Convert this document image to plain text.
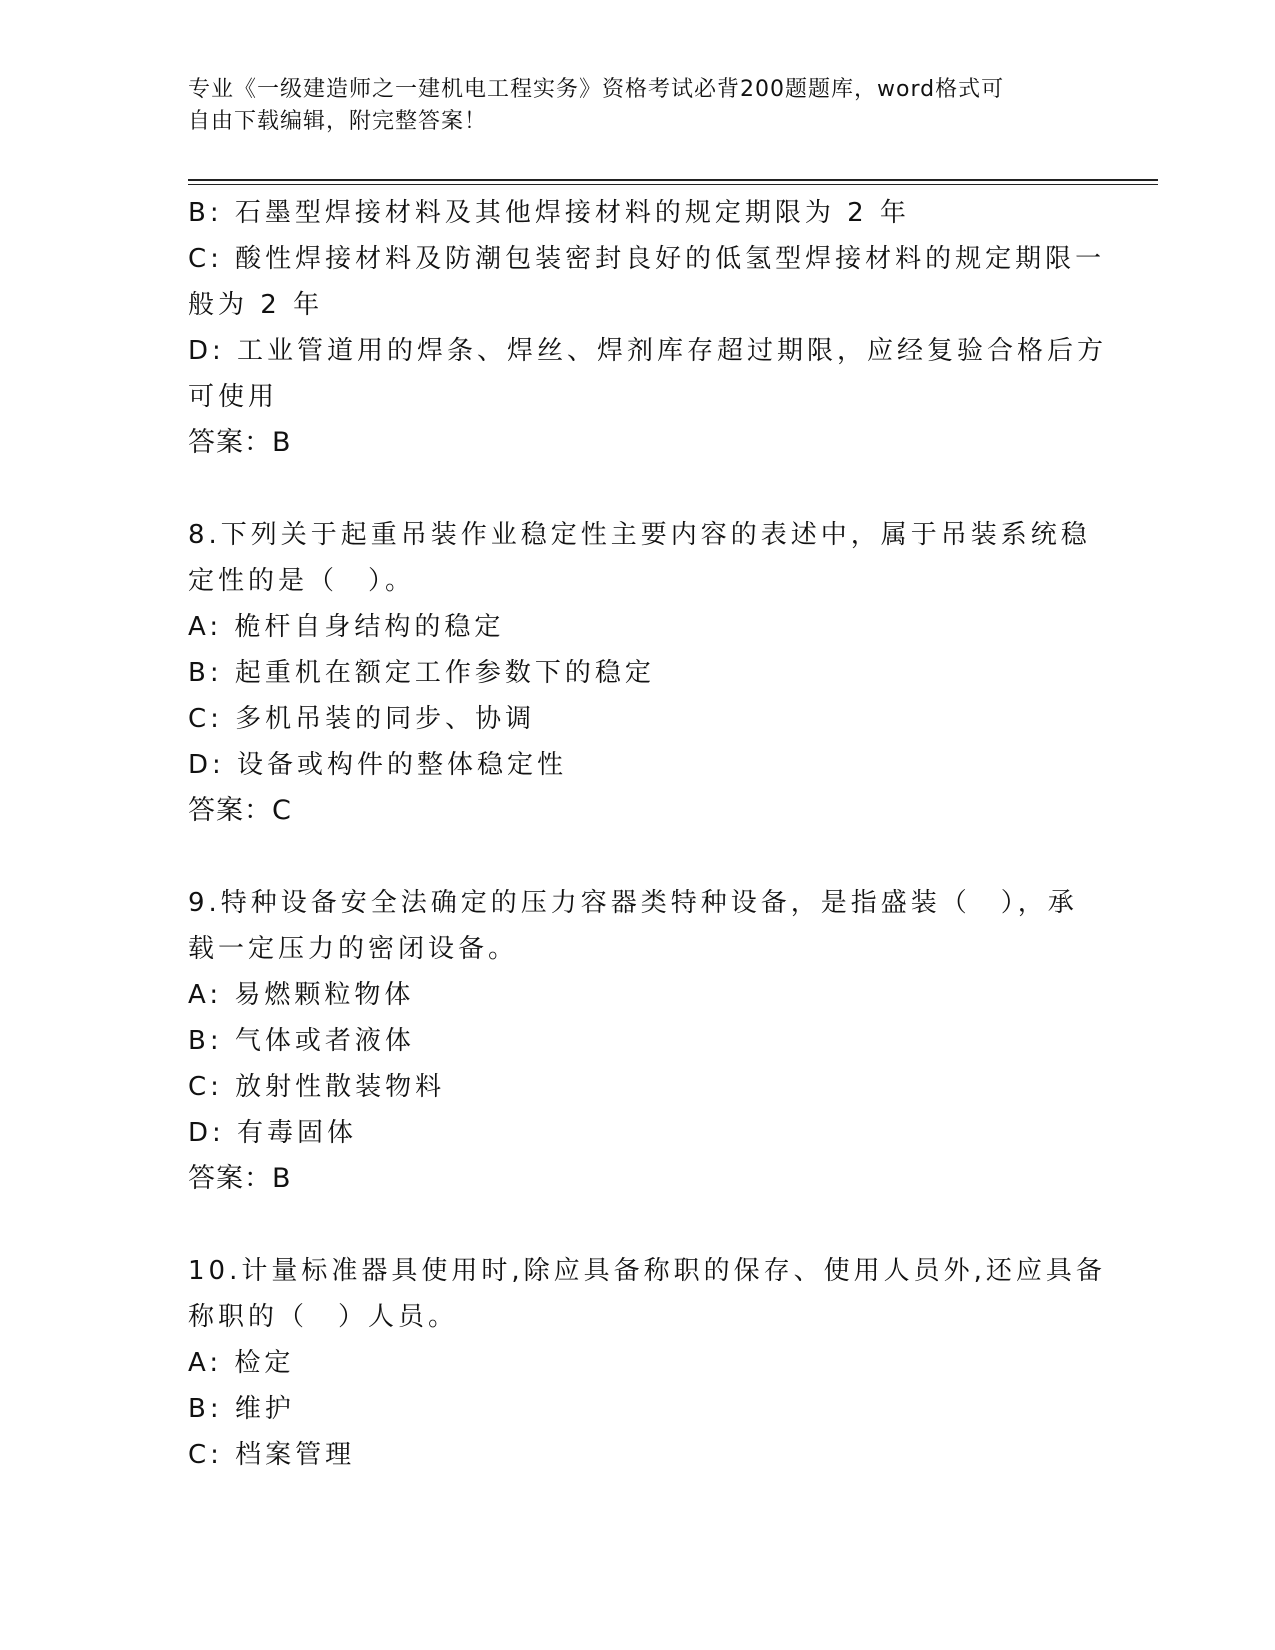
专业《一级建造师之一建机电工程实务》资格考试必背200题题库，word格式可
自由下载编辑，附完整答案！
B: 石墨型焊接材料及其他焊接材料的规定期限为 2 年
C: 酸性焊接材料及防潮包装密封良好的低氢型焊接材料的规定期限一
般为 2 年
D: 工业管道用的焊条、焊丝、焊剂库存超过期限，应经复验合格后方
可使用
答案：B
8.下列关于起重吊装作业稳定性主要内容的表述中，属于吊装系统稳
定性的是（　）。
A: 桅杆自身结构的稳定
B: 起重机在额定工作参数下的稳定
C: 多机吊装的同步、协调
D: 设备或构件的整体稳定性
答案：C
9.特种设备安全法确定的压力容器类特种设备，是指盛装（　），承
载一定压力的密闭设备。
A: 易燃颗粒物体
B: 气体或者液体
C: 放射性散装物料
D: 有毒固体
答案：B
10.计量标准器具使用时,除应具备称职的保存、使用人员外,还应具备
称职的（　）人员。
A: 检定
B: 维护
C: 档案管理
